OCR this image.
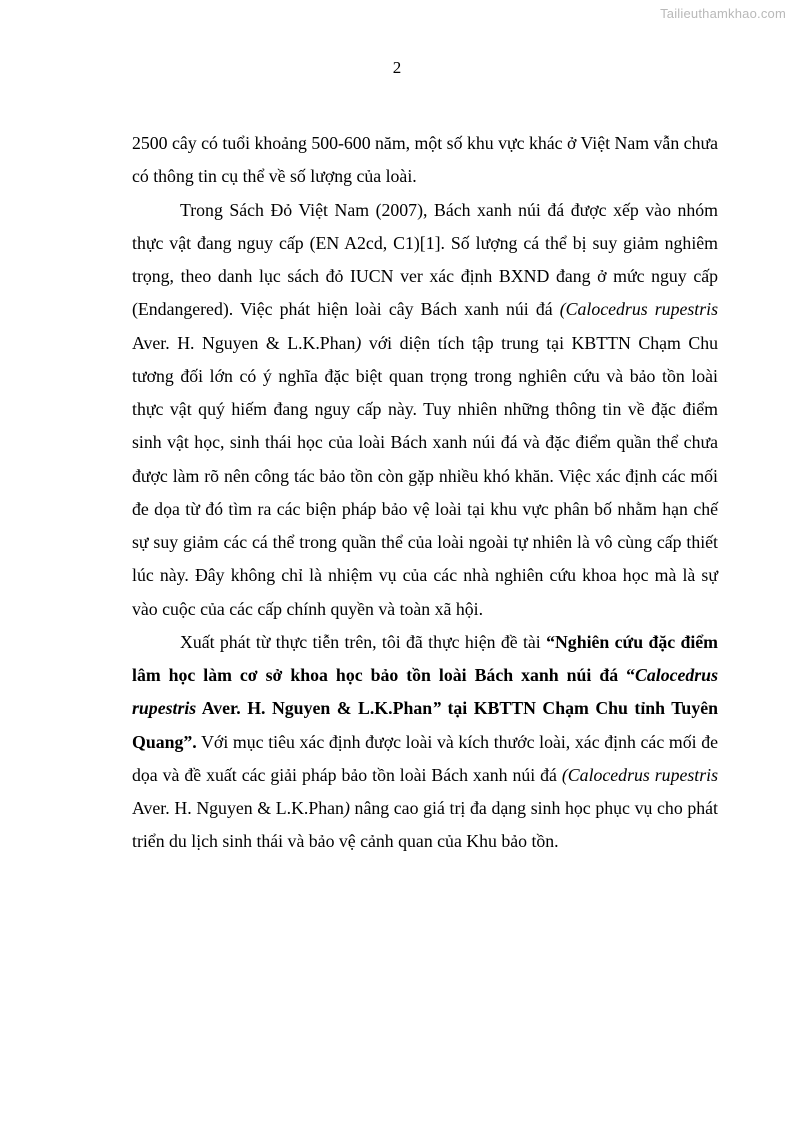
Tailieuthamkhao.com
2

2500 cây có tuổi khoảng 500-600 năm, một số khu vực khác ở Việt Nam vẫn chưa có thông tin cụ thể về số lượng của loài.

Trong Sách Đỏ Việt Nam (2007), Bách xanh núi đá được xếp vào nhóm thực vật đang nguy cấp (EN A2cd, C1)[1]. Số lượng cá thể bị suy giảm nghiêm trọng, theo danh lục sách đỏ IUCN ver xác định BXND đang ở mức nguy cấp (Endangered). Việc phát hiện loài cây Bách xanh núi đá (Calocedrus rupestris Aver. H. Nguyen & L.K.Phan) với diện tích tập trung tại KBTTN Chạm Chu tương đối lớn có ý nghĩa đặc biệt quan trọng trong nghiên cứu và bảo tồn loài thực vật quý hiếm đang nguy cấp này. Tuy nhiên những thông tin về đặc điểm sinh vật học, sinh thái học của loài Bách xanh núi đá và đặc điểm quần thể chưa được làm rõ nên công tác bảo tồn còn gặp nhiều khó khăn. Việc xác định các mối đe dọa từ đó tìm ra các biện pháp bảo vệ loài tại khu vực phân bố nhằm hạn chế sự suy giảm các cá thể trong quần thể của loài ngoài tự nhiên là vô cùng cấp thiết lúc này. Đây không chỉ là nhiệm vụ của các nhà nghiên cứu khoa học mà là sự vào cuộc của các cấp chính quyền và toàn xã hội.

Xuất phát từ thực tiễn trên, tôi đã thực hiện đề tài “Nghiên cứu đặc điểm lâm học làm cơ sở khoa học bảo tồn loài Bách xanh núi đá “Calocedrus rupestris Aver. H. Nguyen & L.K.Phan” tại KBTTN Chạm Chu tỉnh Tuyên Quang”. Với mục tiêu xác định được loài và kích thước loài, xác định các mối đe dọa và đề xuất các giải pháp bảo tồn loài Bách xanh núi đá (Calocedrus rupestris Aver. H. Nguyen & L.K.Phan) nâng cao giá trị đa dạng sinh học phục vụ cho phát triển du lịch sinh thái và bảo vệ cảnh quan của Khu bảo tồn.
